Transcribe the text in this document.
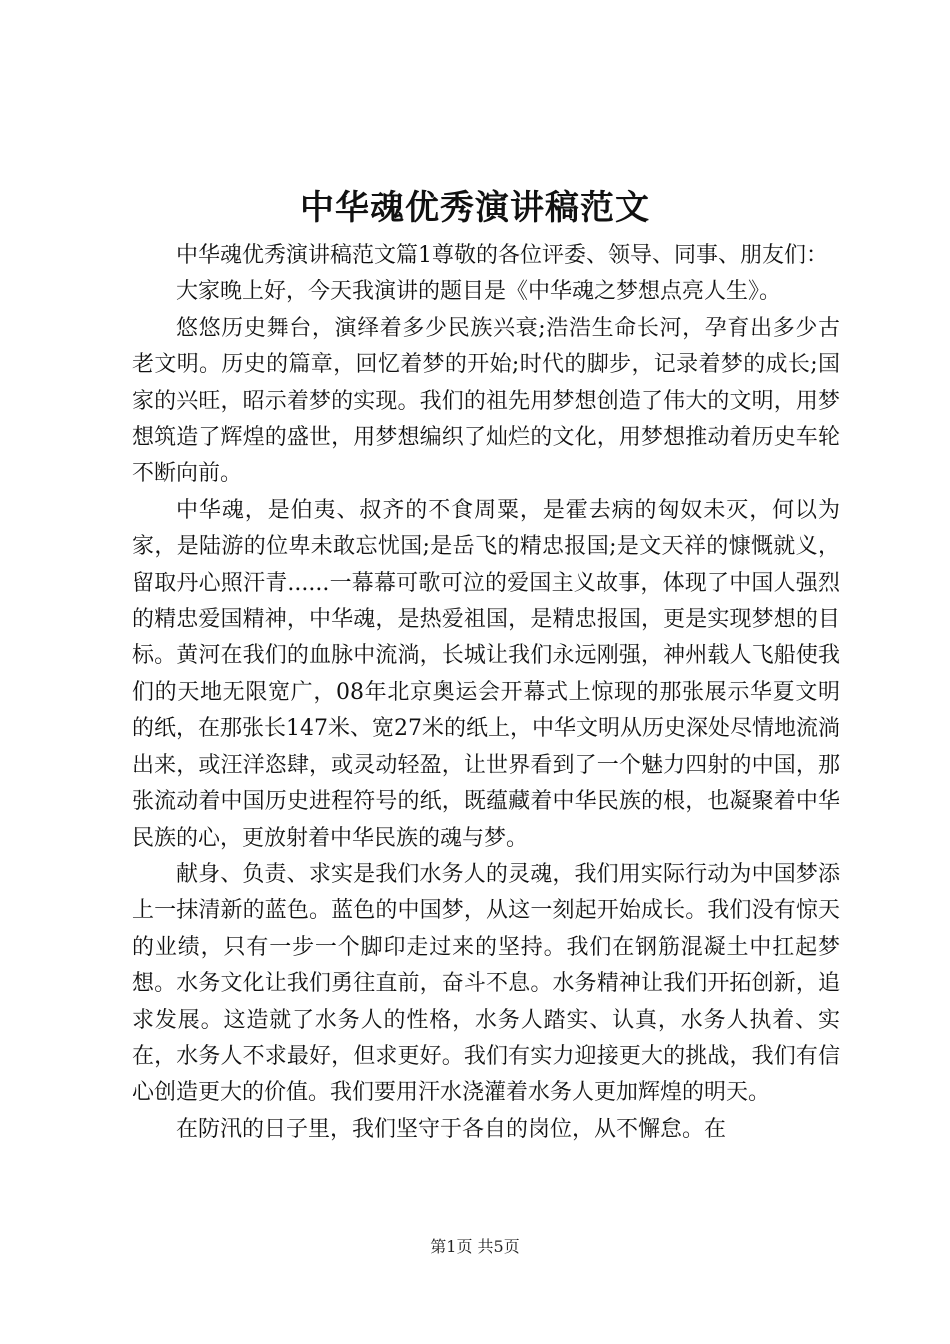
中华魂优秀演讲稿范文

中华魂优秀演讲稿范文篇1尊敬的各位评委、领导、同事、朋友们：

大家晚上好，今天我演讲的题目是《中华魂之梦想点亮人生》。

悠悠历史舞台，演绎着多少民族兴衰;浩浩生命长河，孕育出多少古老文明。历史的篇章，回忆着梦的开始;时代的脚步，记录着梦的成长;国家的兴旺，昭示着梦的实现。我们的祖先用梦想创造了伟大的文明，用梦想筑造了辉煌的盛世，用梦想编织了灿烂的文化，用梦想推动着历史车轮不断向前。

中华魂，是伯夷、叔齐的不食周粟，是霍去病的匈奴未灭，何以为家，是陆游的位卑未敢忘忧国;是岳飞的精忠报国;是文天祥的慷慨就义，留取丹心照汗青......一幕幕可歌可泣的爱国主义故事，体现了中国人强烈的精忠爱国精神，中华魂，是热爱祖国，是精忠报国，更是实现梦想的目标。黄河在我们的血脉中流淌，长城让我们永远刚强，神州载人飞船使我们的天地无限宽广，08年北京奥运会开幕式上惊现的那张展示华夏文明的纸，在那张长147米、宽27米的纸上，中华文明从历史深处尽情地流淌出来，或汪洋恣肆，或灵动轻盈，让世界看到了一个魅力四射的中国，那张流动着中国历史进程符号的纸，既蕴藏着中华民族的根，也凝聚着中华民族的心，更放射着中华民族的魂与梦。

献身、负责、求实是我们水务人的灵魂，我们用实际行动为中国梦添上一抹清新的蓝色。蓝色的中国梦，从这一刻起开始成长。我们没有惊天的业绩，只有一步一个脚印走过来的坚持。我们在钢筋混凝土中扛起梦想。水务文化让我们勇往直前，奋斗不息。水务精神让我们开拓创新，追求发展。这造就了水务人的性格，水务人踏实、认真，水务人执着、实在，水务人不求最好，但求更好。我们有实力迎接更大的挑战，我们有信心创造更大的价值。我们要用汗水浇灌着水务人更加辉煌的明天。

在防汛的日子里，我们坚守于各自的岗位，从不懈怠。在

第1页 共5页
